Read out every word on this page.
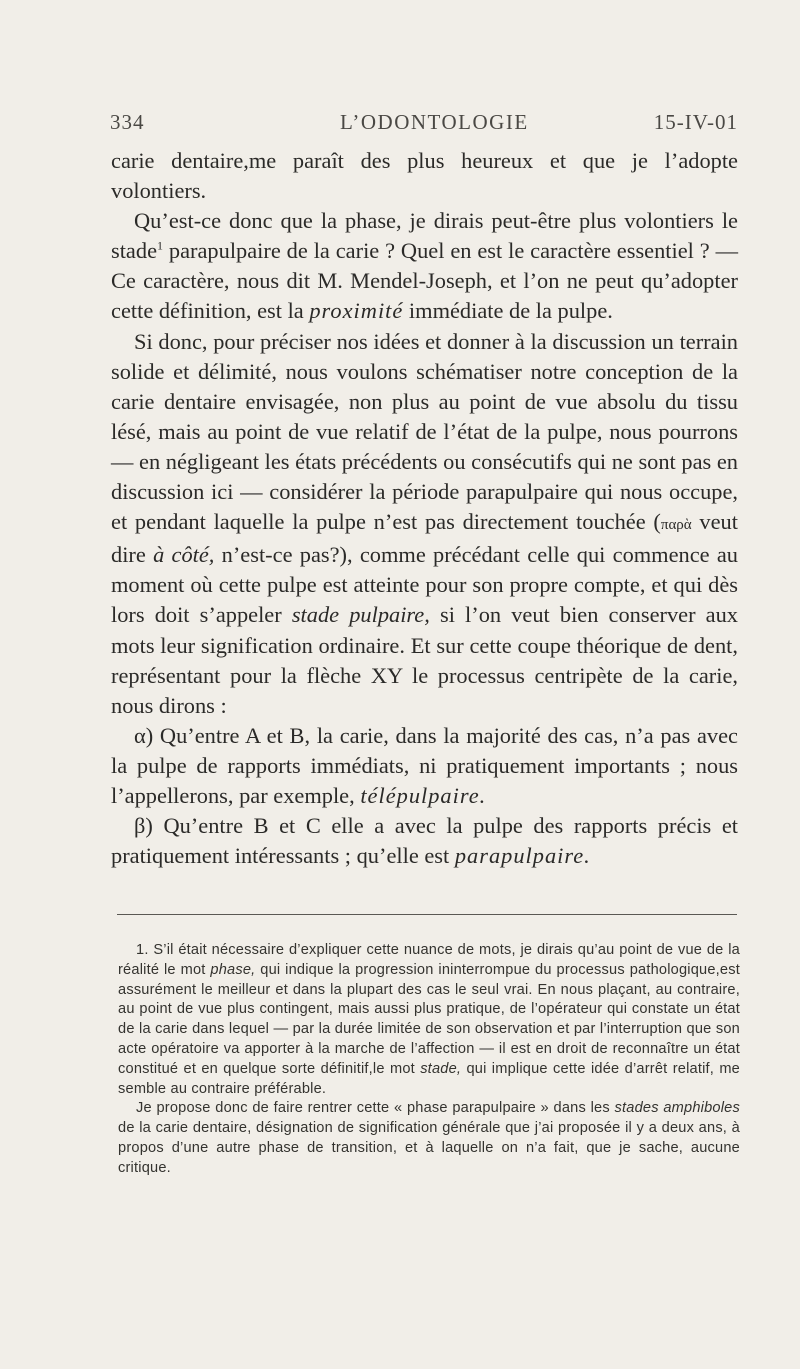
334	L’ODONTOLOGIE	15-IV-01

carie dentaire,me paraît des plus heureux et que je l’adopte volontiers.

Qu’est-ce donc que la phase, je dirais peut-être plus volontiers le stade$^1$ parapulpaire de la carie ? Quel en est le caractère essentiel ? — Ce caractère, nous dit M. Mendel-Joseph, et l’on ne peut qu’adopter cette définition, est la proximité immédiate de la pulpe.

Si donc, pour préciser nos idées et donner à la discussion un terrain solide et délimité, nous voulons schématiser notre conception de la carie dentaire envisagée, non plus au point de vue absolu du tissu lésé, mais au point de vue relatif de l’état de la pulpe, nous pourrons — en négligeant les états précédents ou consécutifs qui ne sont pas en discussion ici — considérer la période parapulpaire qui nous occupe, et pendant laquelle la pulpe n’est pas directement touchée (παρὰ veut dire à côté, n’est-ce pas?), comme précédant celle qui commence au moment où cette pulpe est atteinte pour son propre compte, et qui dès lors doit s’appeler stade pulpaire, si l’on veut bien conserver aux mots leur signification ordinaire. Et sur cette coupe théorique de dent, représentant pour la flèche XY le processus centripète de la carie, nous dirons :

α) Qu’entre A et B, la carie, dans la majorité des cas, n’a pas avec la pulpe de rapports immédiats, ni pratiquement importants ; nous l’appellerons, par exemple, télépulpaire.

β) Qu’entre B et C elle a avec la pulpe des rapports précis et pratiquement intéressants ; qu’elle est parapulpaire.

1. S’il était nécessaire d’expliquer cette nuance de mots, je dirais qu’au point de vue de la réalité le mot phase, qui indique la progression ininterrompue du processus pathologique,est assurément le meilleur et dans la plupart des cas le seul vrai. En nous plaçant, au contraire, au point de vue plus contingent, mais aussi plus pratique, de l’opérateur qui constate un état de la carie dans lequel — par la durée limitée de son observation et par l’interruption que son acte opératoire va apporter à la marche de l’affection — il est en droit de reconnaître un état constitué et en quelque sorte définitif,le mot stade, qui implique cette idée d’arrêt relatif, me semble au contraire préférable.

Je propose donc de faire rentrer cette « phase parapulpaire » dans les stades amphiboles de la carie dentaire, désignation de signification générale que j’ai proposée il y a deux ans, à propos d’une autre phase de transition, et à laquelle on n’a fait, que je sache, aucune critique.
